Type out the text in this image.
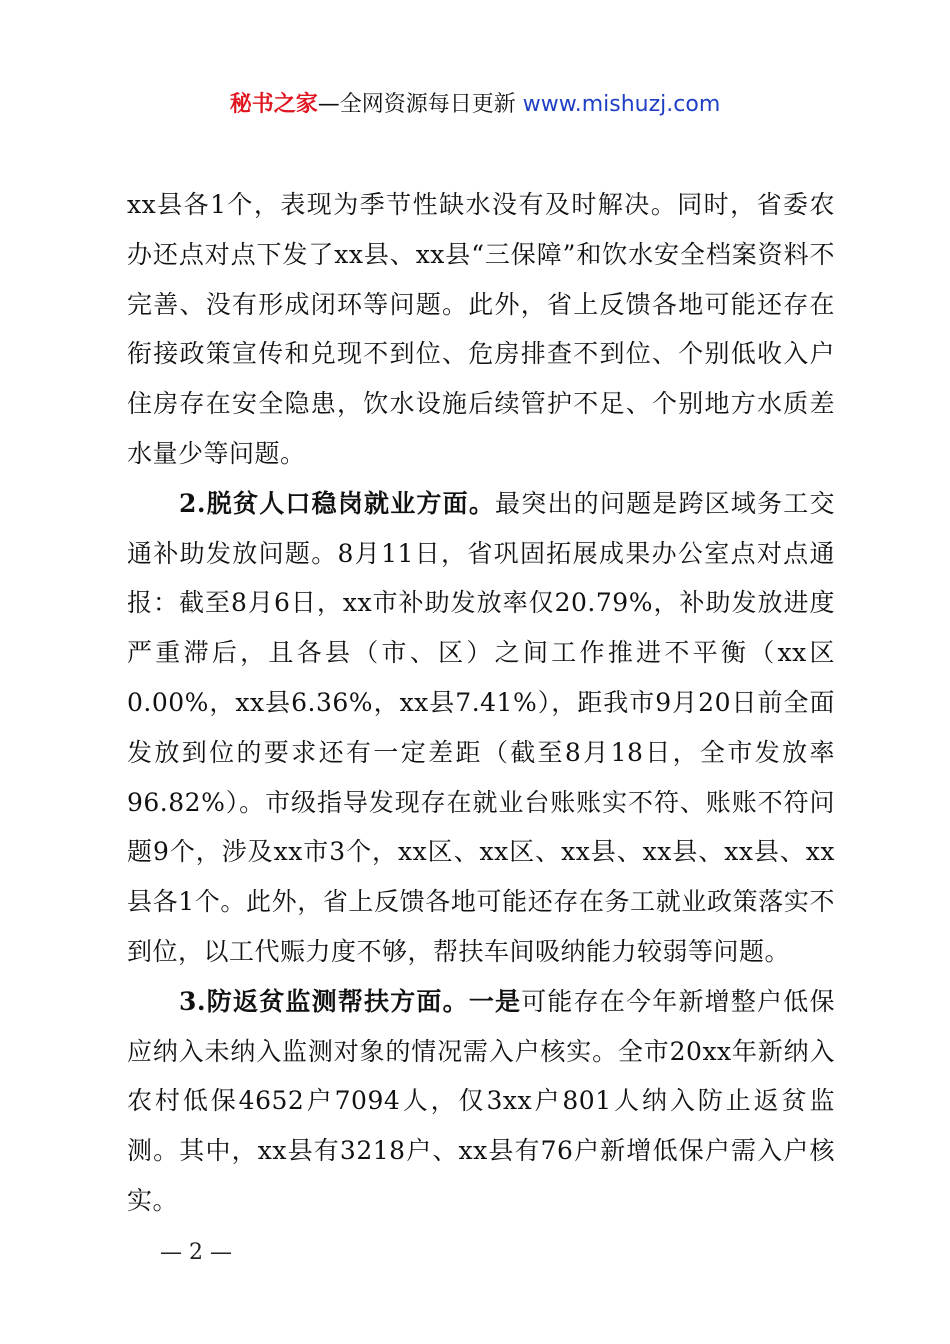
秘书之家—全网资源每日更新 www.mishuzj.com

xx县各1个，表现为季节性缺水没有及时解决。同时，省委农办还点对点下发了xx县、xx县“三保障”和饮水安全档案资料不完善、没有形成闭环等问题。此外，省上反馈各地可能还存在衔接政策宣传和兑现不到位、危房排查不到位、个别低收入户住房存在安全隐患，饮水设施后续管护不足、个别地方水质差水量少等问题。

2.脱贫人口稳岗就业方面。最突出的问题是跨区域务工交通补助发放问题。8月11日，省巩固拓展成果办公室点对点通报：截至8月6日，xx市补助发放率仅20.79%，补助发放进度严重滞后，且各县（市、区）之间工作推进不平衡（xx区0.00%，xx县6.36%，xx县7.41%），距我市9月20日前全面发放到位的要求还有一定差距（截至8月18日，全市发放率96.82%）。市级指导发现存在就业台账账实不符、账账不符问题9个，涉及xx市3个，xx区、xx区、xx县、xx县、xx县、xx县各1个。此外，省上反馈各地可能还存在务工就业政策落实不到位，以工代赈力度不够，帮扶车间吸纳能力较弱等问题。

3.防返贫监测帮扶方面。一是可能存在今年新增整户低保应纳入未纳入监测对象的情况需入户核实。全市20xx年新纳入农村低保4652户7094人，仅3xx户801人纳入防止返贫监测。其中，xx县有3218户、xx县有76户新增低保户需入户核实。

— 2 —
